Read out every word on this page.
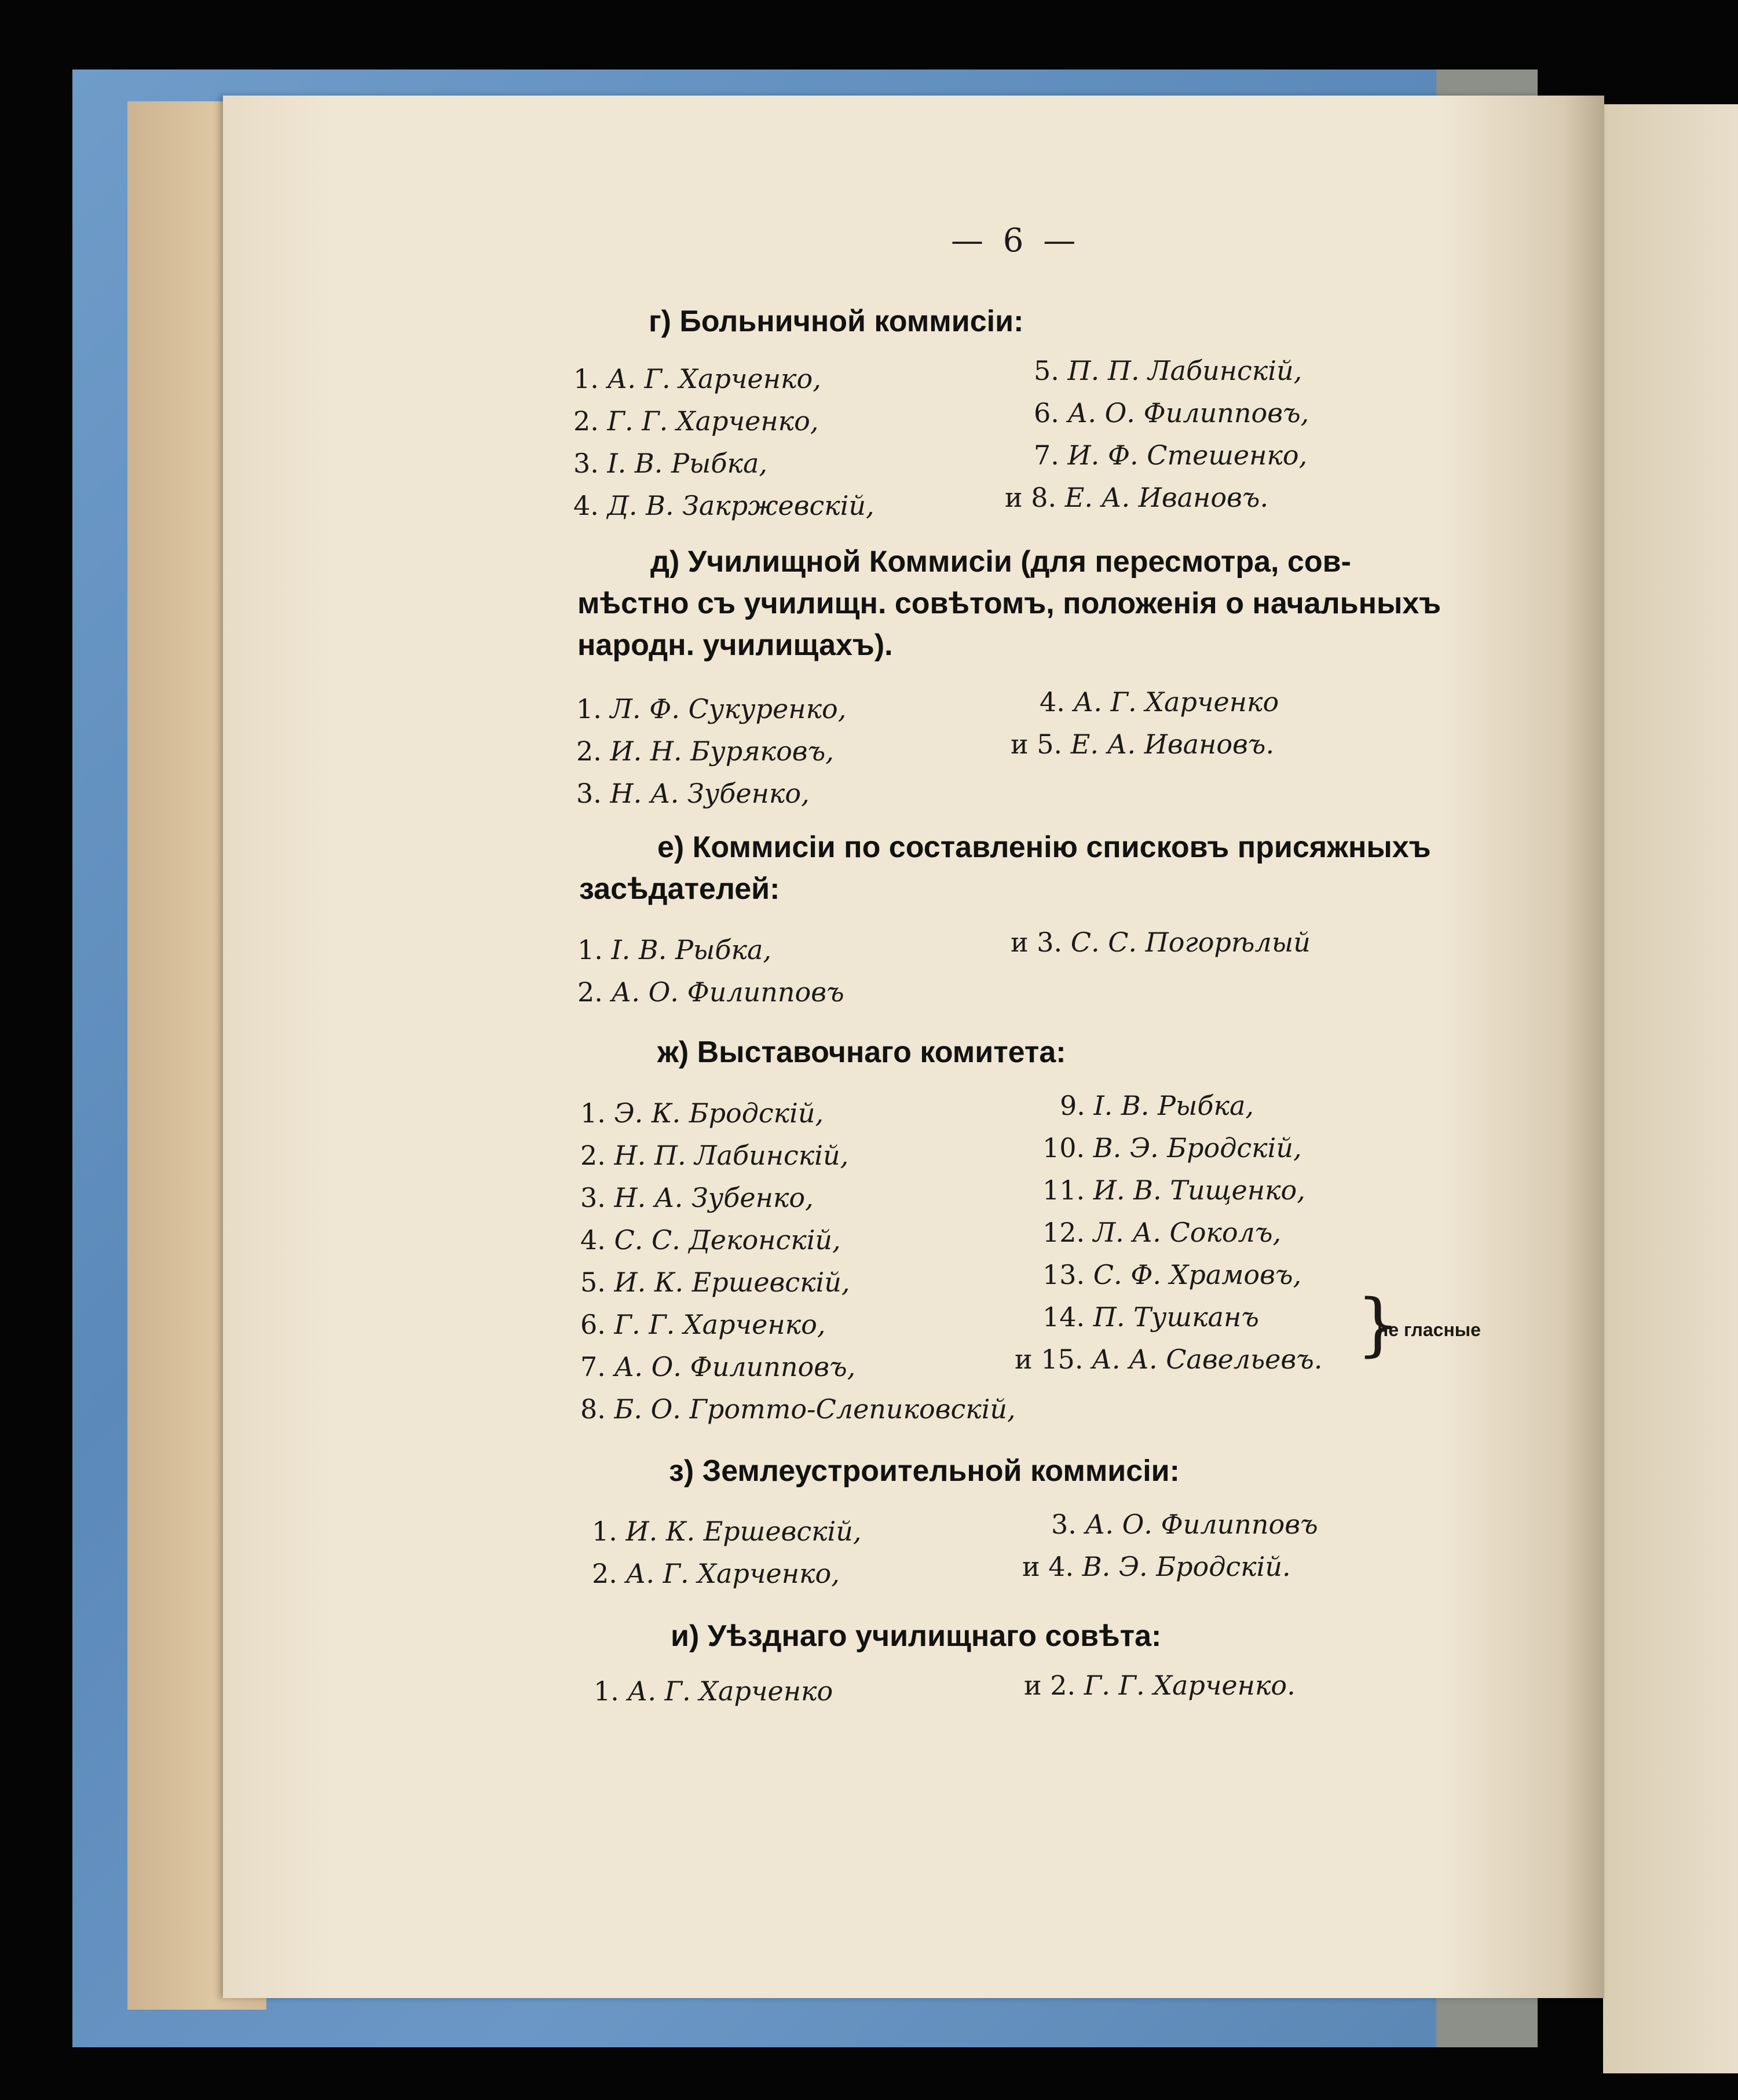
— 6 —
г) Больничной коммисіи:
1. А. Г. Харченко,
2. Г. Г. Харченко,
3. І. В. Рыбка,
4. Д. В. Закржевскій,
5. П. П. Лабинскій,
6. А. О. Филипповъ,
7. И. Ф. Стешенко,
и 8. Е. А. Ивановъ.
д) Училищной Коммисіи (для пересмотра, сов-
мѣстно съ училищн. совѣтомъ, положенія о начальныхъ
народн. училищахъ).
1. Л. Ф. Сукуренко,
2. И. Н. Буряковъ,
3. Н. А. Зубенко,
4. А. Г. Харченко
и 5. Е. А. Ивановъ.
е) Коммисіи по составленію списковъ присяжныхъ
засѣдателей:
1. І. В. Рыбка,
2. А. О. Филипповъ
и 3. С. С. Погорѣлый
ж) Выставочнаго комитета:
1. Э. К. Бродскій,
2. Н. П. Лабинскій,
3. Н. А. Зубенко,
4. С. С. Деконскій,
5. И. К. Ершевскій,
6. Г. Г. Харченко,
7. А. О. Филипповъ,
8. Б. О. Гротто-Слепиковскій,
9. І. В. Рыбка,
10. В. Э. Бродскій,
11. И. В. Тищенко,
12. Л. А. Соколъ,
13. С. Ф. Храмовъ,
14. П. Тушканъ
и 15. А. А. Савельевъ. }
не гласные
з) Землеустроительной коммисіи:
1. И. К. Ершевскій,
2. А. Г. Харченко,
3. А. О. Филипповъ
и 4. В. Э. Бродскій.
и) Уѣзднаго училищнаго совѣта:
1. А. Г. Харченко	и 2. Г. Г. Харченко.
